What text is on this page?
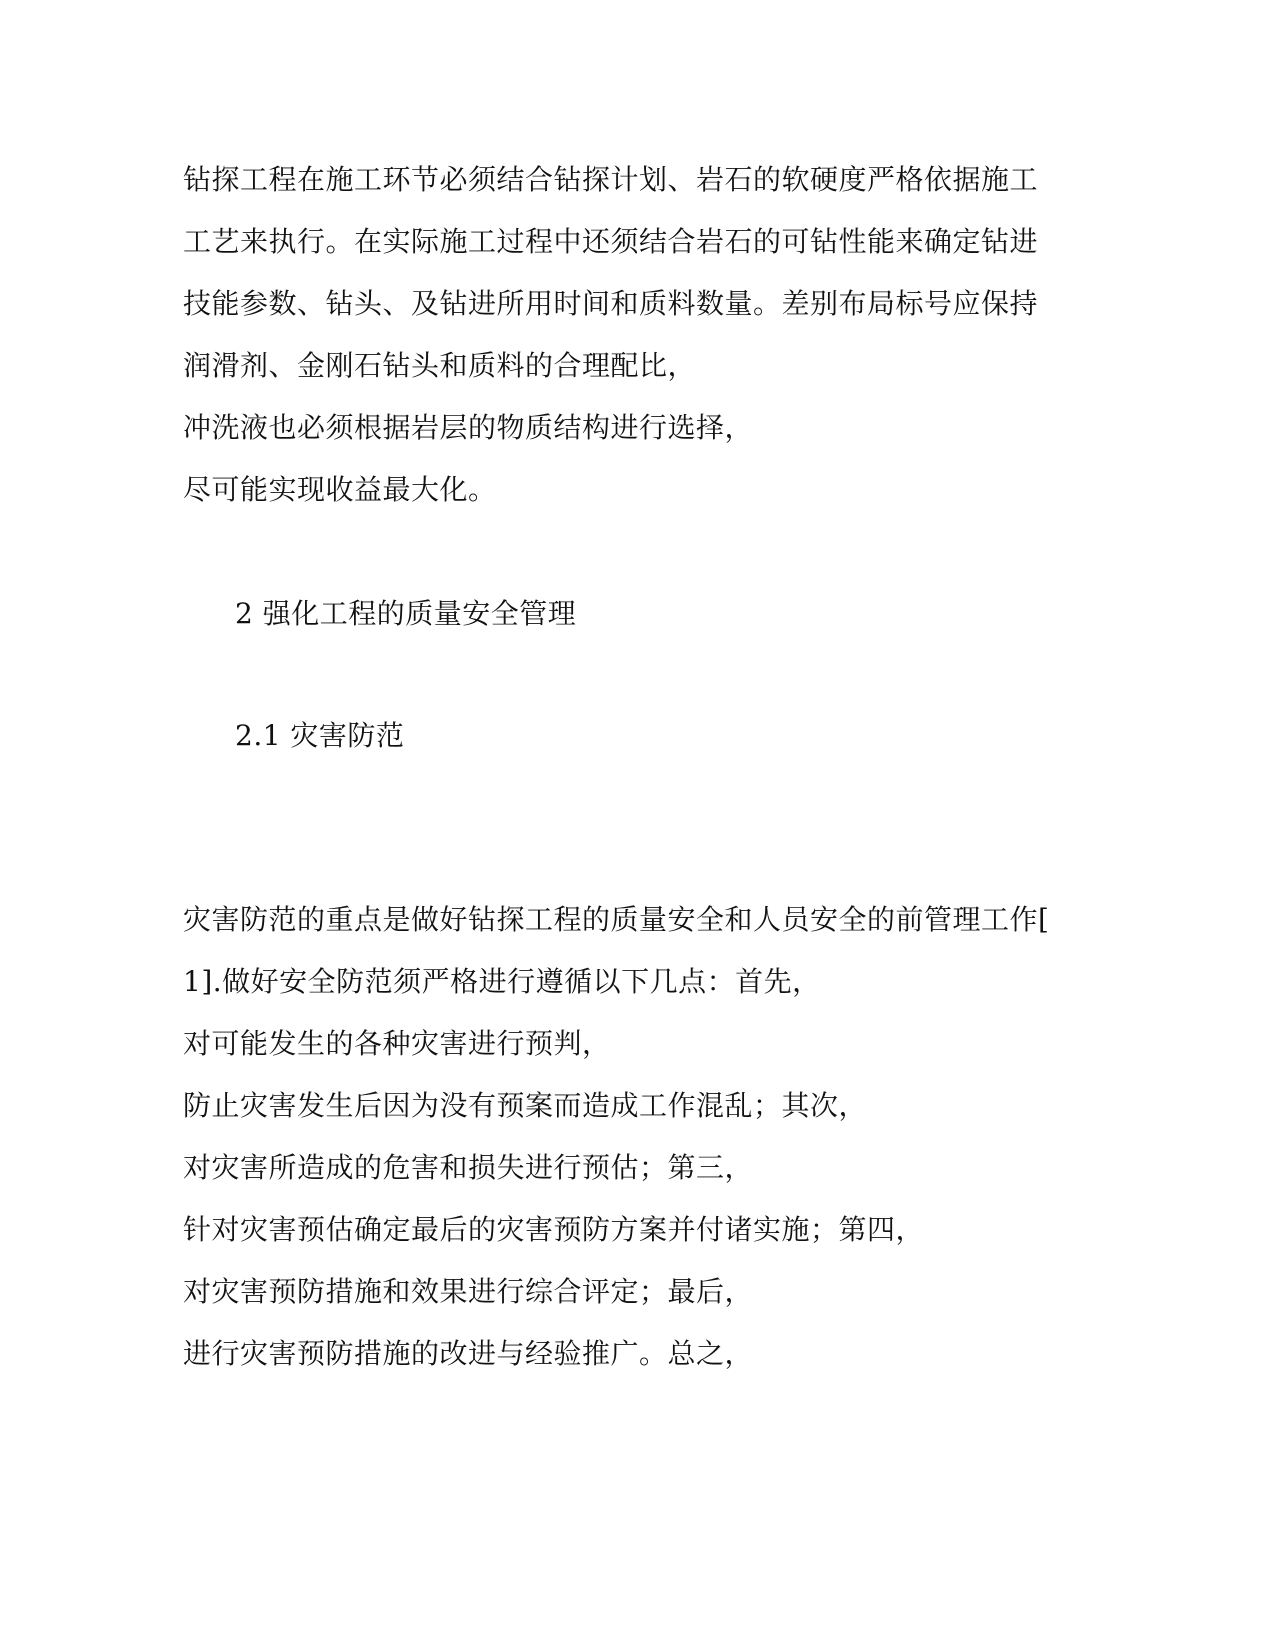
钻探工程在施工环节必须结合钻探计划、岩石的软硬度严格依据施工
工艺来执行。在实际施工过程中还须结合岩石的可钻性能来确定钻进
技能参数、钻头、及钻进所用时间和质料数量。差别布局标号应保持
润滑剂、金刚石钻头和质料的合理配比，
冲洗液也必须根据岩层的物质结构进行选择，
尽可能实现收益最大化。
2 强化工程的质量安全管理
2.1 灾害防范
灾害防范的重点是做好钻探工程的质量安全和人员安全的前管理工作[
1].做好安全防范须严格进行遵循以下几点：首先，
对可能发生的各种灾害进行预判，
防止灾害发生后因为没有预案而造成工作混乱；其次，
对灾害所造成的危害和损失进行预估；第三，
针对灾害预估确定最后的灾害预防方案并付诸实施；第四，
对灾害预防措施和效果进行综合评定；最后，
进行灾害预防措施的改进与经验推广。总之，
